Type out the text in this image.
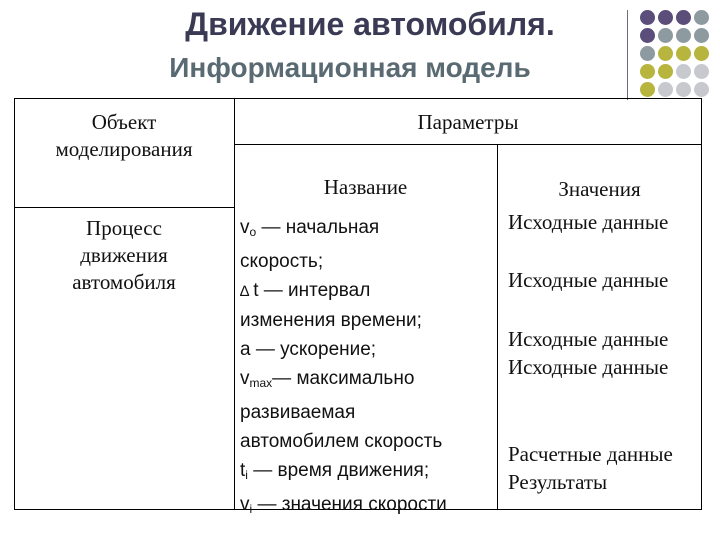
Движение автомобиля.
Информационная модель
Объект моделирования
Параметры
Название	Значения
Процесс движения автомобиля
$v_o$ — начальная
скорость;
∆ t — интервал
изменения времени;
a — ускорение;
$v_{max}—$ максимально
развиваемая
автомобилем скорость
$t_i$ — время движения;
$v_i$ — значения скорости
Исходные данные
Исходные данные
Исходные данные
Исходные данные
Расчетные данные
Результаты
